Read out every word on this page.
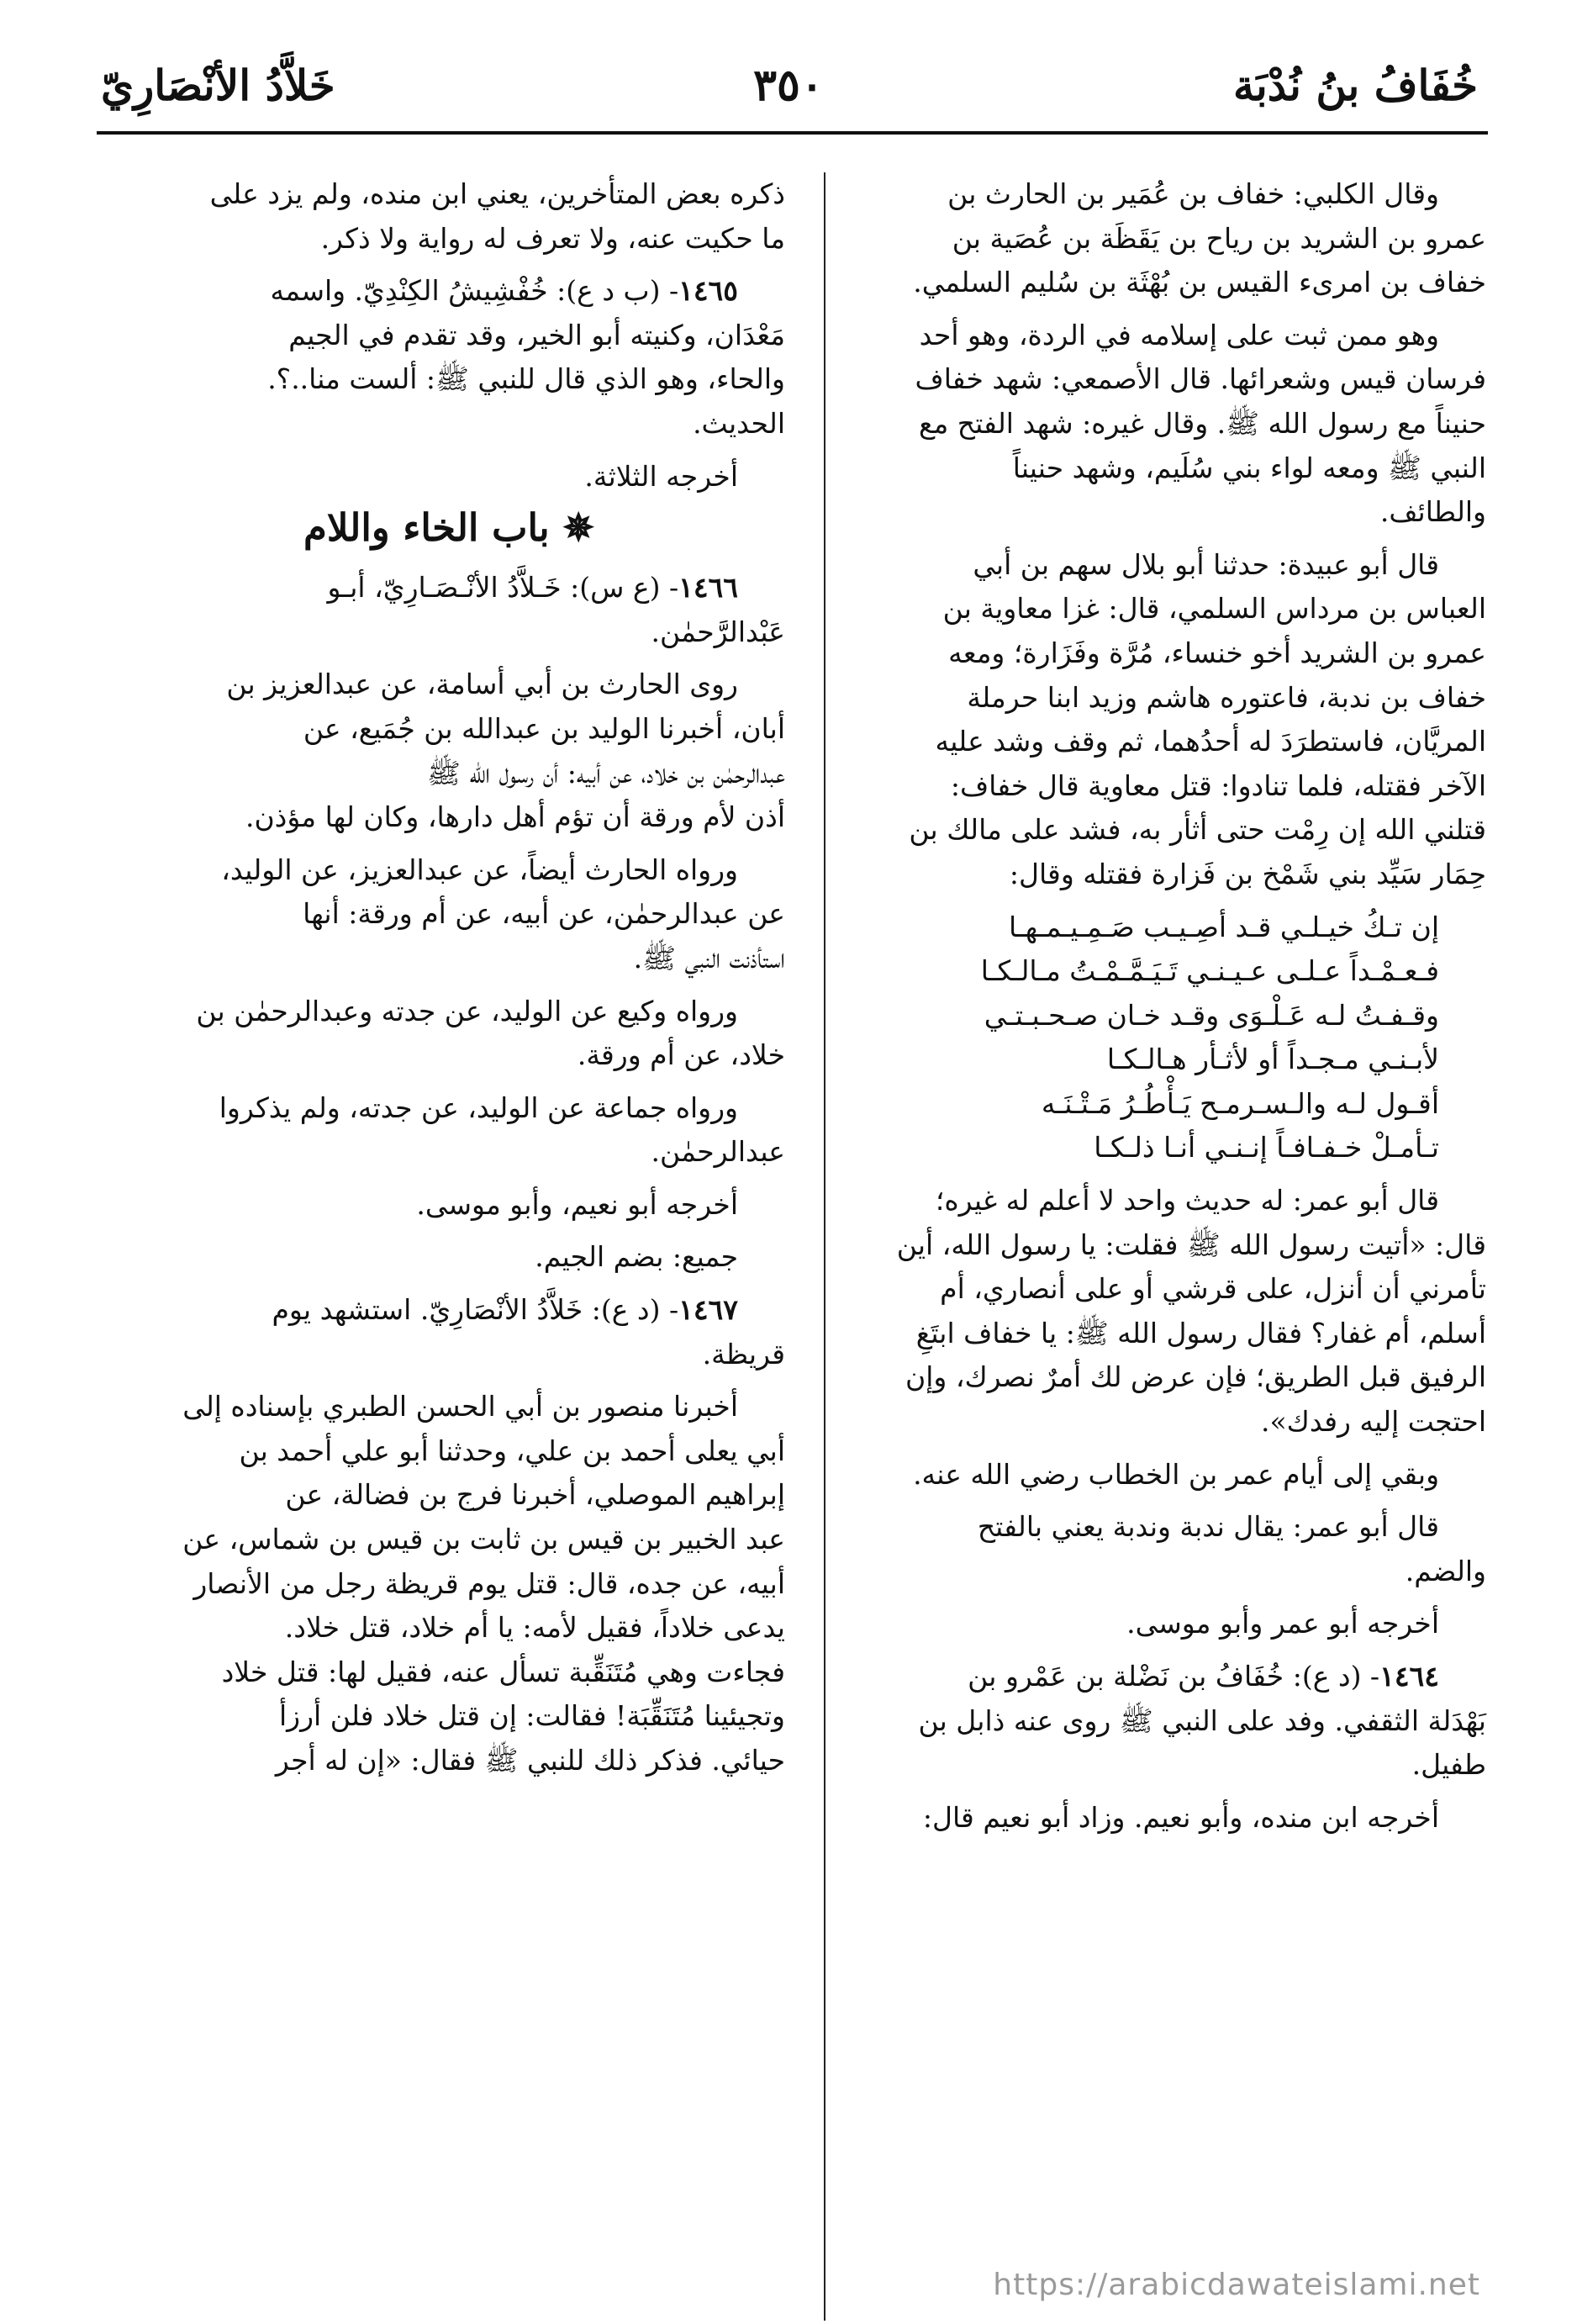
خُفَافُ بنُ نُدْبَة
٣٥٠
خَلاَّدُ الأنْصَارِيّ
وقال الكلبي: خفاف بن عُمَير بن الحارث بن
عمرو بن الشريد بن رياح بن يَقَظَة بن عُصَية بن
خفاف بن امرىء القيس بن بُهْثَة بن سُليم السلمي.
وهو ممن ثبت على إسلامه في الردة، وهو أحد
فرسان قيس وشعرائها. قال الأصمعي: شهد خفاف
حنيناً مع رسول الله ﷺ. وقال غيره: شهد الفتح مع
النبي ﷺ ومعه لواء بني سُلَيم، وشهد حنيناً
والطائف.
قال أبو عبيدة: حدثنا أبو بلال سهم بن أبي
العباس بن مرداس السلمي، قال: غزا معاوية بن
عمرو بن الشريد أخو خنساء، مُرَّة وفَزَارة؛ ومعه
خفاف بن ندبة، فاعتوره هاشم وزيد ابنا حرملة
المريَّان، فاستطرَدَ له أحدُهما، ثم وقف وشد عليه
الآخر فقتله، فلما تنادوا: قتل معاوية قال خفاف:
قتلني الله إن رِمْت حتى أثأر به، فشد على مالك بن
حِمَار سَيِّد بني شَمْخ بن فَزارة فقتله وقال:
إن تـكُ خيـلـي قـد أصِـيـب صَـمِـيـمـهـا
فـعـمْـداً عـلـى عـيـنـي تَـيَـمَّـمْـتُ مـالـكـا
وقـفـتُ لـه عَـلْـوَى وقـد خـان صـحـبـتـي
لأبـنـي مـجـداً أو لأثـأر هـالـكـا
أقـول لـه والـسـرمـح يَـأْطُـرُ مَـتْـنَـه
تـأمـلْ خـفـافـاً إنـنـي أنـا ذلـكـا
قال أبو عمر: له حديث واحد لا أعلم له غيره؛
قال: «أتيت رسول الله ﷺ فقلت: يا رسول الله، أين
تأمرني أن أنزل، على قرشي أو على أنصاري، أم
أسلم، أم غفار؟ فقال رسول الله ﷺ: يا خفاف ابتَغِ
الرفيق قبل الطريق؛ فإن عرض لك أمرٌ نصرك، وإن
احتجت إليه رفدك».
وبقي إلى أيام عمر بن الخطاب رضي الله عنه.
قال أبو عمر: يقال ندبة وندبة يعني بالفتح
والضم.
أخرجه أبو عمر وأبو موسى.
١٤٦٤- (د ع): خُفَافُ بن نَضْلة بن عَمْرو بن
بَهْدَلة الثقفي. وفد على النبي ﷺ روى عنه ذابل بن
طفيل.
أخرجه ابن منده، وأبو نعيم. وزاد أبو نعيم قال:
ذكره بعض المتأخرين، يعني ابن منده، ولم يزد على
ما حكيت عنه، ولا تعرف له رواية ولا ذكر.
١٤٦٥- (ب د ع): خُفْشِيشُ الكِنْدِيّ. واسمه
مَعْدَان، وكنيته أبو الخير، وقد تقدم في الجيم
والحاء، وهو الذي قال للنبي ﷺ: ألست منا..؟.
الحديث.
أخرجه الثلاثة.
✵ باب الخاء واللام
١٤٦٦- (ع س): خَـلاَّدُ الأنْـصَـارِيّ، أبـو
عَبْدالرَّحمٰن.
روى الحارث بن أبي أسامة، عن عبدالعزيز بن
أبان، أخبرنا الوليد بن عبدالله بن جُمَيع، عن
عبدالرحمٰن بن خلاد، عن أبيه: أن رسول الله ﷺ
أذن لأم ورقة أن تؤم أهل دارها، وكان لها مؤذن.
ورواه الحارث أيضاً، عن عبدالعزيز، عن الوليد،
عن عبدالرحمٰن، عن أبيه، عن أم ورقة: أنها
استأذنت النبي ﷺ.
ورواه وكيع عن الوليد، عن جدته وعبدالرحمٰن بن
خلاد، عن أم ورقة.
ورواه جماعة عن الوليد، عن جدته، ولم يذكروا
عبدالرحمٰن.
أخرجه أبو نعيم، وأبو موسى.
جميع: بضم الجيم.
١٤٦٧- (د ع): خَلاَّدُ الأنْصَارِيّ. استشهد يوم
قريظة.
أخبرنا منصور بن أبي الحسن الطبري بإسناده إلى
أبي يعلى أحمد بن علي، وحدثنا أبو علي أحمد بن
إبراهيم الموصلي، أخبرنا فرج بن فضالة، عن
عبد الخبير بن قيس بن ثابت بن قيس بن شماس، عن
أبيه، عن جده، قال: قتل يوم قريظة رجل من الأنصار
يدعى خلاداً، فقيل لأمه: يا أم خلاد، قتل خلاد.
فجاءت وهي مُتَنَقِّبة تسأل عنه، فقيل لها: قتل خلاد
وتجيئينا مُتَنَقِّبَة! فقالت: إن قتل خلاد فلن أرزأ
حيائي. فذكر ذلك للنبي ﷺ فقال: «إن له أجر
https://arabicdawateislami.net
